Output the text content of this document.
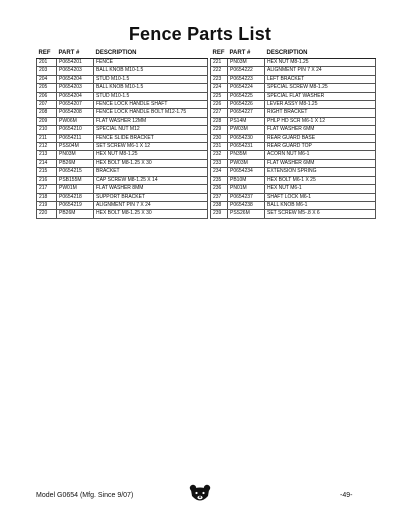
Fence Parts List
REF	PART #	DESCRIPTION
201	P0654201	FENCE
203	P0654203	BALL KNOB M10-1.5
204	P0654204	STUD M10-1.5
205	P0654203	BALL KNOB M10-1.5
206	P0654204	STUD M10-1.5
207	P0654207	FENCE LOCK HANDLE SHAFT
208	P0654208	FENCE LOCK HANDLE BOLT M12-1.75
209	PW06M	FLAT WASHER 12MM
210	P0654210	SPECIAL NUT M12
211	P0654211	FENCE SLIDE BRACKET
212	PSS04M	SET SCREW M6-1 X 12
213	PN03M	HEX NUT M8-1.25
214	PB26M	HEX BOLT M8-1.25 X 30
215	P0654215	BRACKET
216	PSB155M	CAP SCREW M8-1.25 X 14
217	PW01M	FLAT WASHER 8MM
218	P0654218	SUPPORT BRACKET
219	P0654219	ALIGNMENT PIN 7 X 24
220	PB26M	HEX BOLT M8-1.25 X 30
REF	PART #	DESCRIPTION
221	PN03M	HEX NUT M8-1.25
222	P0654222	ALIGNMENT PIN 7 X 24
223	P0654223	LEFT BRACKET
224	P0654224	SPECIAL SCREW M8-1.25
225	P0654225	SPECIAL FLAT WASHER
226	P0654226	LEVER ASSY M8-1.25
227	P0654227	RIGHT BRACKET
228	PS14M	PHLP HD SCR M6-1 X 12
229	PW03M	FLAT WASHER 6MM
230	P0654230	REAR GUARD BASE
231	P0654231	REAR GUARD TOP
232	PN35M	ACORN NUT M6-1
233	PW03M	FLAT WASHER 6MM
234	P0654234	EXTENSION SPRING
235	PB10M	HEX BOLT M6-1 X 25
236	PN01M	HEX NUT M6-1
237	P0654237	SHAFT LOCK M6-1
238	P0654238	BALL KNOB M6-1
239	PSS26M	SET SCREW M5-.8 X 6
Model G0654 (Mfg. Since 9/07)	-49-
